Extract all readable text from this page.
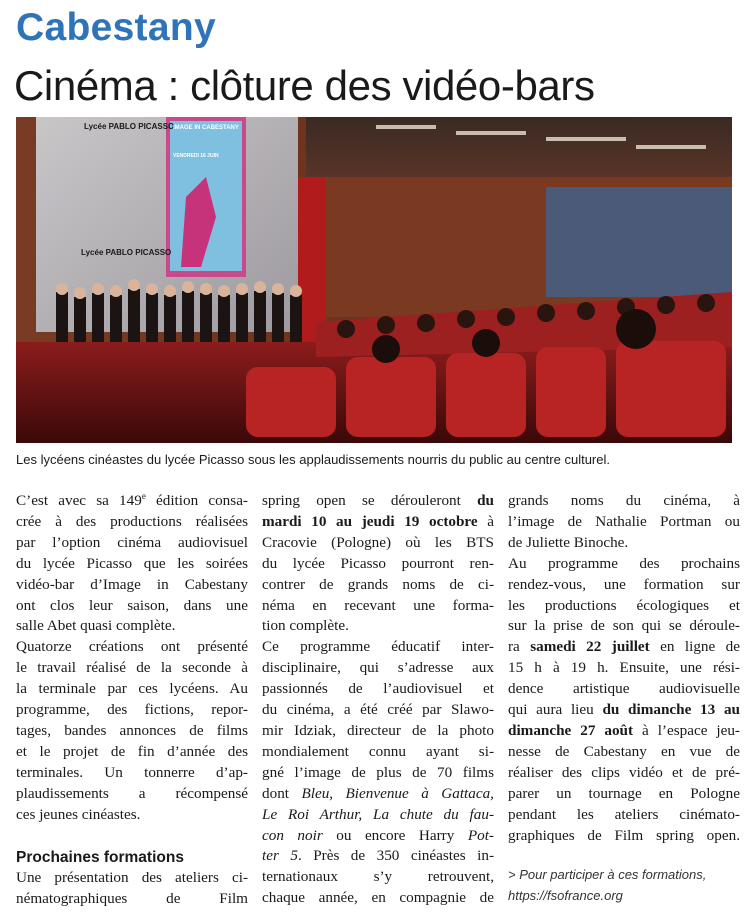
Cabestany
Cinéma : clôture des vidéo-bars
Lycée PABLO PICASSO
IMAGE IN CABESTANY
VENDREDI 16 JUIN
Lycée PABLO PICASSO
Les lycéens cinéastes du lycée Picasso sous les applaudissements nourris du public au centre culturel.
C’est avec sa 149e édition consa-
crée à des productions réalisées
par l’option cinéma audiovisuel
du lycée Picasso que les soirées
vidéo-bar d’Image in Cabestany
ont clos leur saison, dans une
salle Abet quasi complète.
Quatorze créations ont présenté
le travail réalisé de la seconde à
la terminale par ces lycéens. Au
programme, des fictions, repor-
tages, bandes annonces de films
et le projet de fin d’année des
terminales. Un tonnerre d’ap-
plaudissements a récompensé
ces jeunes cinéastes.
Prochaines formations
Une présentation des ateliers ci-
nématographiques de Film
spring open se dérouleront du
mardi 10 au jeudi 19 octobre à
Cracovie (Pologne) où les BTS
du lycée Picasso pourront ren-
contrer de grands noms de ci-
néma en recevant une forma-
tion complète.
Ce programme éducatif inter-
disciplinaire, qui s’adresse aux
passionnés de l’audiovisuel et
du cinéma, a été créé par Slawo-
mir Idziak, directeur de la photo
mondialement connu ayant si-
gné l’image de plus de 70 films
dont Bleu, Bienvenue à Gattaca,
Le Roi Arthur, La chute du fau-
con noir ou encore Harry Pot-
ter 5. Près de 350 cinéastes in-
ternationaux s’y retrouvent,
chaque année, en compagnie de
grands noms du cinéma, à
l’image de Nathalie Portman ou
de Juliette Binoche.
Au programme des prochains
rendez-vous, une formation sur
les productions écologiques et
sur la prise de son qui se déroule-
ra samedi 22 juillet en ligne de
15 h à 19 h. Ensuite, une rési-
dence artistique audiovisuelle
qui aura lieu du dimanche 13 au
dimanche 27 août à l’espace jeu-
nesse de Cabestany en vue de
réaliser des clips vidéo et de pré-
parer un tournage en Pologne
pendant les ateliers cinémato-
graphiques de Film spring open.
> Pour participer à ces formations,
https://fsofrance.org
